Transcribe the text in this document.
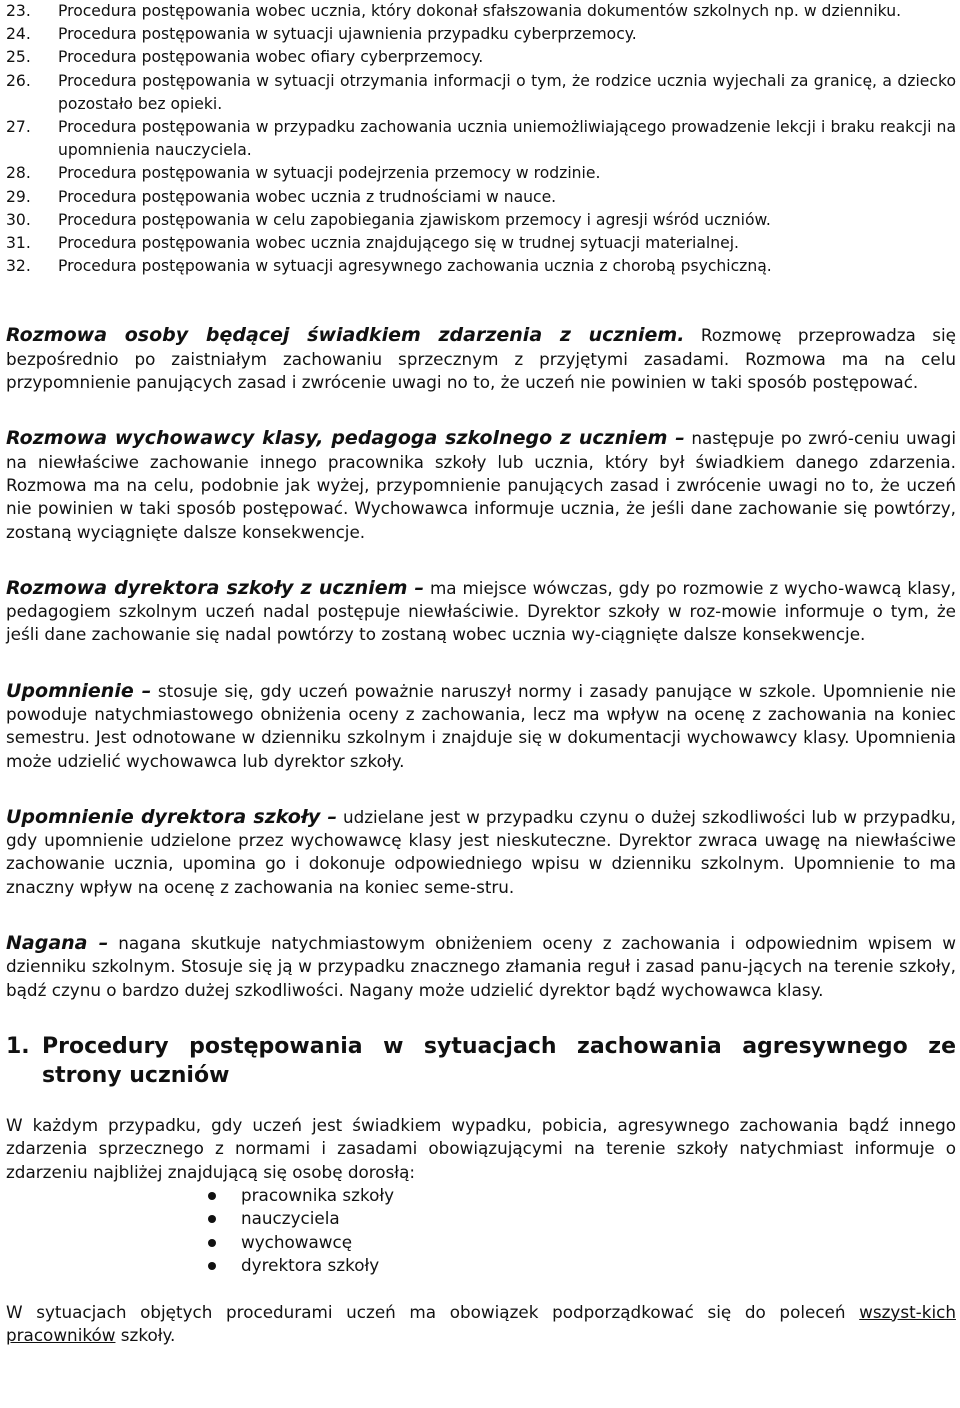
23.	Procedura postępowania wobec ucznia, który dokonał sfałszowania dokumentów szkolnych np. w dzienniku.
24.	Procedura postępowania w sytuacji ujawnienia przypadku cyberprzemocy.
25.	Procedura postępowania wobec ofiary cyberprzemocy.
26.	Procedura postępowania w sytuacji otrzymania informacji o tym, że rodzice ucznia wyjechali za granicę, a dziecko pozostało bez opieki.
27.	Procedura postępowania w przypadku zachowania ucznia uniemożliwiającego prowadzenie lekcji i braku reakcji na upomnienia nauczyciela.
28.	Procedura postępowania w sytuacji podejrzenia przemocy w rodzinie.
29.	Procedura postępowania wobec ucznia z trudnościami w nauce.
30.	Procedura postępowania w celu zapobiegania zjawiskom przemocy i agresji wśród uczniów.
31.	Procedura postępowania wobec ucznia znajdującego się w trudnej sytuacji materialnej.
32.	Procedura postępowania w sytuacji agresywnego zachowania ucznia z chorobą psychiczną.

Rozmowa osoby będącej świadkiem zdarzenia z uczniem. Rozmowę przeprowadza się bezpośrednio po zaistniałym zachowaniu sprzecznym z przyjętymi zasadami. Rozmowa ma na celu przypomnienie panujących zasad i zwrócenie uwagi no to, że uczeń nie powinien w taki sposób postępować.

Rozmowa wychowawcy klasy, pedagoga szkolnego z uczniem – następuje po zwró-ceniu uwagi na niewłaściwe zachowanie innego pracownika szkoły lub ucznia, który był świadkiem danego zdarzenia. Rozmowa ma na celu, podobnie jak wyżej, przypomnienie panujących zasad i zwrócenie uwagi no to, że uczeń nie powinien w taki sposób postępować. Wychowawca informuje ucznia, że jeśli dane zachowanie się powtórzy, zostaną wyciągnięte dalsze konsekwencje.

Rozmowa dyrektora szkoły z uczniem – ma miejsce wówczas, gdy po rozmowie z wycho-wawcą klasy, pedagogiem szkolnym uczeń nadal postępuje niewłaściwie. Dyrektor szkoły w roz-mowie informuje o tym, że jeśli dane zachowanie się nadal powtórzy to zostaną wobec ucznia wy-ciągnięte dalsze konsekwencje.

Upomnienie – stosuje się, gdy uczeń poważnie naruszył normy i zasady panujące w szkole. Upomnienie nie powoduje natychmiastowego obniżenia oceny z zachowania, lecz ma wpływ na ocenę z zachowania na koniec semestru. Jest odnotowane w dzienniku szkolnym i znajduje się w dokumentacji wychowawcy klasy. Upomnienia może udzielić wychowawca lub dyrektor szkoły.

Upomnienie dyrektora szkoły – udzielane jest w przypadku czynu o dużej szkodliwości lub w przypadku, gdy upomnienie udzielone przez wychowawcę klasy jest nieskuteczne. Dyrektor zwraca uwagę na niewłaściwe zachowanie ucznia, upomina go i dokonuje odpowiedniego wpisu w dzienniku szkolnym. Upomnienie to ma znaczny wpływ na ocenę z zachowania na koniec seme-stru.

Nagana – nagana skutkuje natychmiastowym obniżeniem oceny z zachowania i odpowiednim wpisem w dzienniku szkolnym. Stosuje się ją w przypadku znacznego złamania reguł i zasad panu-jących na terenie szkoły, bądź czynu o bardzo dużej szkodliwości. Nagany może udzielić dyrektor bądź wychowawca klasy.

1. Procedury postępowania w sytuacjach zachowania agresywnego ze strony uczniów

W każdym przypadku, gdy uczeń jest świadkiem wypadku, pobicia, agresywnego zachowania bądź innego zdarzenia sprzecznego z normami i zasadami obowiązującymi na terenie szkoły natychmiast informuje o zdarzeniu najbliżej znajdującą się osobę dorosłą:

pracownika szkoły
nauczyciela
wychowawcę
dyrektora szkoły

W sytuacjach objętych procedurami uczeń ma obowiązek podporządkować się do poleceń wszyst-kich pracowników szkoły.
